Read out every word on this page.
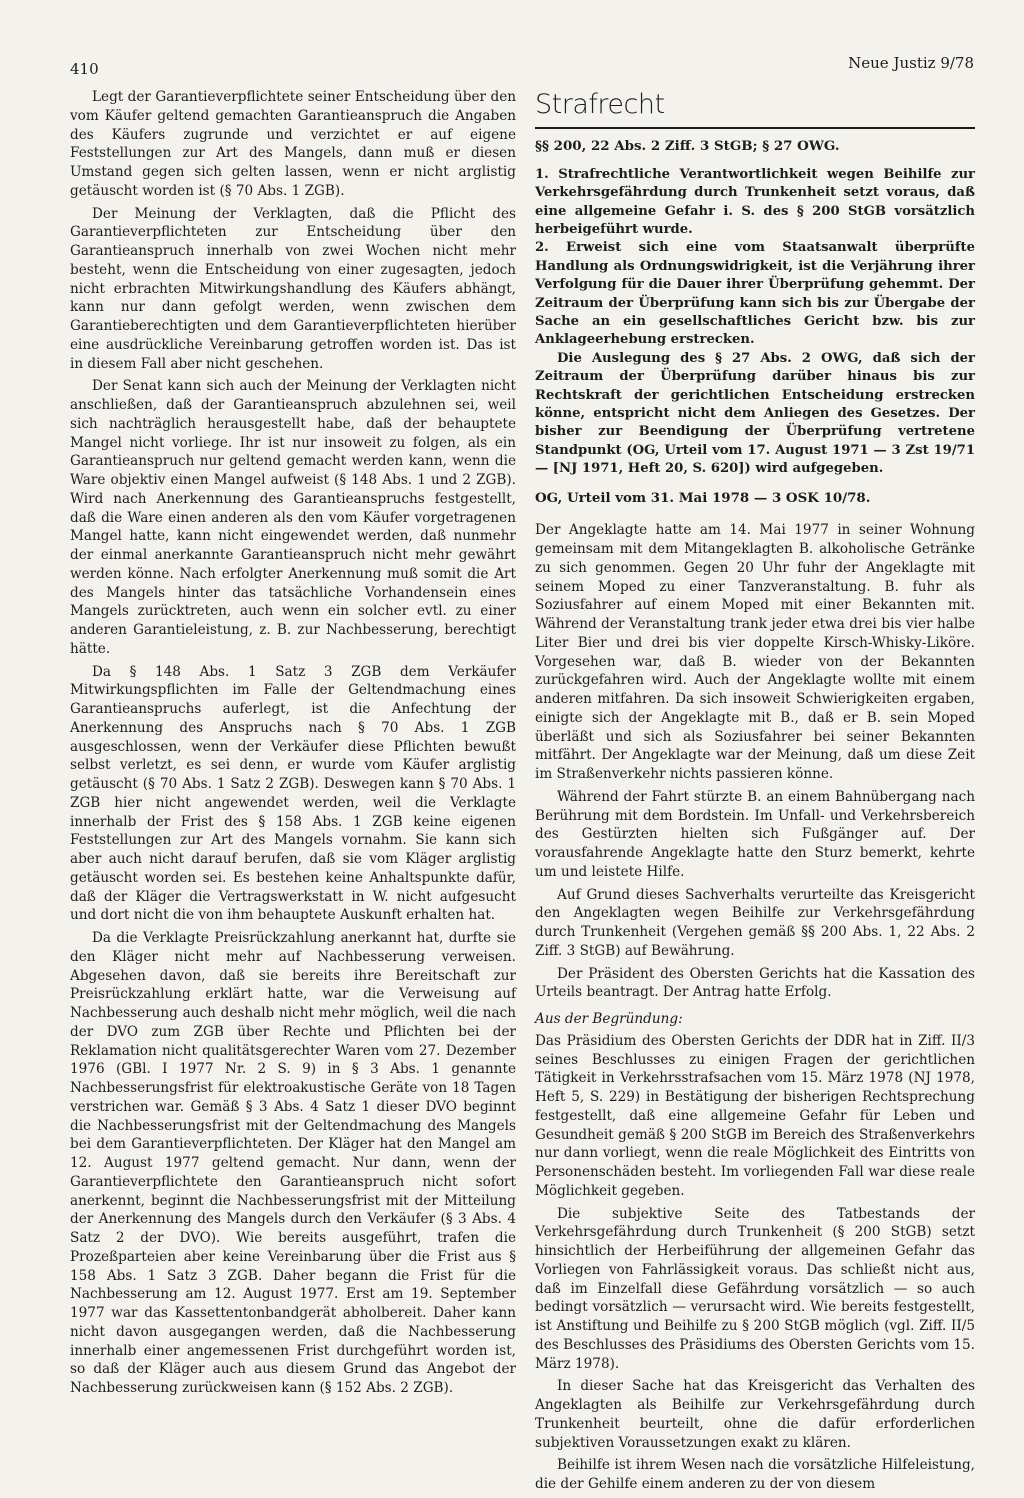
410	Neue Justiz 9/78

Legt der Garantieverpflichtete seiner Entscheidung über den vom Käufer geltend gemachten Garantieanspruch die Angaben des Käufers zugrunde und verzichtet er auf eigene Feststellungen zur Art des Mangels, dann muß er diesen Umstand gegen sich gelten lassen, wenn er nicht arglistig getäuscht worden ist (§ 70 Abs. 1 ZGB).

Der Meinung der Verklagten, daß die Pflicht des Garantieverpflichteten zur Entscheidung über den Garantieanspruch innerhalb von zwei Wochen nicht mehr besteht, wenn die Entscheidung von einer zugesagten, jedoch nicht erbrachten Mitwirkungshandlung des Käufers abhängt, kann nur dann gefolgt werden, wenn zwischen dem Garantieberechtigten und dem Garantieverpflichteten hierüber eine ausdrückliche Vereinbarung getroffen worden ist. Das ist in diesem Fall aber nicht geschehen.

Der Senat kann sich auch der Meinung der Verklagten nicht anschließen, daß der Garantieanspruch abzulehnen sei, weil sich nachträglich herausgestellt habe, daß der behauptete Mangel nicht vorliege. Ihr ist nur insoweit zu folgen, als ein Garantieanspruch nur geltend gemacht werden kann, wenn die Ware objektiv einen Mangel aufweist (§ 148 Abs. 1 und 2 ZGB). Wird nach Anerkennung des Garantieanspruchs festgestellt, daß die Ware einen anderen als den vom Käufer vorgetragenen Mangel hatte, kann nicht eingewendet werden, daß nunmehr der einmal anerkannte Garantieanspruch nicht mehr gewährt werden könne. Nach erfolgter Anerkennung muß somit die Art des Mangels hinter das tatsächliche Vorhandensein eines Mangels zurücktreten, auch wenn ein solcher evtl. zu einer anderen Garantieleistung, z. B. zur Nachbesserung, berechtigt hätte.

Da § 148 Abs. 1 Satz 3 ZGB dem Verkäufer Mitwirkungspflichten im Falle der Geltendmachung eines Garantieanspruchs auferlegt, ist die Anfechtung der Anerkennung des Anspruchs nach § 70 Abs. 1 ZGB ausgeschlossen, wenn der Verkäufer diese Pflichten bewußt selbst verletzt, es sei denn, er wurde vom Käufer arglistig getäuscht (§ 70 Abs. 1 Satz 2 ZGB). Deswegen kann § 70 Abs. 1 ZGB hier nicht angewendet werden, weil die Verklagte innerhalb der Frist des § 158 Abs. 1 ZGB keine eigenen Feststellungen zur Art des Mangels vornahm. Sie kann sich aber auch nicht darauf berufen, daß sie vom Kläger arglistig getäuscht worden sei. Es bestehen keine Anhaltspunkte dafür, daß der Kläger die Vertragswerkstatt in W. nicht aufgesucht und dort nicht die von ihm behauptete Auskunft erhalten hat.

Da die Verklagte Preisrückzahlung anerkannt hat, durfte sie den Kläger nicht mehr auf Nachbesserung verweisen. Abgesehen davon, daß sie bereits ihre Bereitschaft zur Preisrückzahlung erklärt hatte, war die Verweisung auf Nachbesserung auch deshalb nicht mehr möglich, weil die nach der DVO zum ZGB über Rechte und Pflichten bei der Reklamation nicht qualitätsgerechter Waren vom 27. Dezember 1976 (GBl. I 1977 Nr. 2 S. 9) in § 3 Abs. 1 genannte Nachbesserungsfrist für elektroakustische Geräte von 18 Tagen verstrichen war. Gemäß § 3 Abs. 4 Satz 1 dieser DVO beginnt die Nachbesserungsfrist mit der Geltendmachung des Mangels bei dem Garantieverpflichteten. Der Kläger hat den Mangel am 12. August 1977 geltend gemacht. Nur dann, wenn der Garantieverpflichtete den Garantieanspruch nicht sofort anerkennt, beginnt die Nachbesserungsfrist mit der Mitteilung der Anerkennung des Mangels durch den Verkäufer (§ 3 Abs. 4 Satz 2 der DVO). Wie bereits ausgeführt, trafen die Prozeßparteien aber keine Vereinbarung über die Frist aus § 158 Abs. 1 Satz 3 ZGB. Daher begann die Frist für die Nachbesserung am 12. August 1977. Erst am 19. September 1977 war das Kassettentonbandgerät abholbereit. Daher kann nicht davon ausgegangen werden, daß die Nachbesserung innerhalb einer angemessenen Frist durchgeführt worden ist, so daß der Kläger auch aus diesem Grund das Angebot der Nachbesserung zurückweisen kann (§ 152 Abs. 2 ZGB).

Strafrecht

§§ 200, 22 Abs. 2 Ziff. 3 StGB; § 27 OWG.

1. Strafrechtliche Verantwortlichkeit wegen Beihilfe zur Verkehrsgefährdung durch Trunkenheit setzt voraus, daß eine allgemeine Gefahr i. S. des § 200 StGB vorsätzlich herbeigeführt wurde.

2. Erweist sich eine vom Staatsanwalt überprüfte Handlung als Ordnungswidrigkeit, ist die Verjährung ihrer Verfolgung für die Dauer ihrer Überprüfung gehemmt. Der Zeitraum der Überprüfung kann sich bis zur Übergabe der Sache an ein gesellschaftliches Gericht bzw. bis zur Anklageerhebung erstrecken.

Die Auslegung des § 27 Abs. 2 OWG, daß sich der Zeitraum der Überprüfung darüber hinaus bis zur Rechtskraft der gerichtlichen Entscheidung erstrecken könne, entspricht nicht dem Anliegen des Gesetzes. Der bisher zur Beendigung der Überprüfung vertretene Standpunkt (OG, Urteil vom 17. August 1971 — 3 Zst 19/71 — [NJ 1971, Heft 20, S. 620]) wird aufgegeben.

OG, Urteil vom 31. Mai 1978 — 3 OSK 10/78.

Der Angeklagte hatte am 14. Mai 1977 in seiner Wohnung gemeinsam mit dem Mitangeklagten B. alkoholische Getränke zu sich genommen. Gegen 20 Uhr fuhr der Angeklagte mit seinem Moped zu einer Tanzveranstaltung. B. fuhr als Soziusfahrer auf einem Moped mit einer Bekannten mit. Während der Veranstaltung trank jeder etwa drei bis vier halbe Liter Bier und drei bis vier doppelte Kirsch-Whisky-Liköre. Vorgesehen war, daß B. wieder von der Bekannten zurückgefahren wird. Auch der Angeklagte wollte mit einem anderen mitfahren. Da sich insoweit Schwierigkeiten ergaben, einigte sich der Angeklagte mit B., daß er B. sein Moped überläßt und sich als Soziusfahrer bei seiner Bekannten mitfährt. Der Angeklagte war der Meinung, daß um diese Zeit im Straßenverkehr nichts passieren könne.

Während der Fahrt stürzte B. an einem Bahnübergang nach Berührung mit dem Bordstein. Im Unfall- und Verkehrsbereich des Gestürzten hielten sich Fußgänger auf. Der vorausfahrende Angeklagte hatte den Sturz bemerkt, kehrte um und leistete Hilfe.

Auf Grund dieses Sachverhalts verurteilte das Kreisgericht den Angeklagten wegen Beihilfe zur Verkehrsgefährdung durch Trunkenheit (Vergehen gemäß §§ 200 Abs. 1, 22 Abs. 2 Ziff. 3 StGB) auf Bewährung.

Der Präsident des Obersten Gerichts hat die Kassation des Urteils beantragt. Der Antrag hatte Erfolg.

Aus der Begründung:

Das Präsidium des Obersten Gerichts der DDR hat in Ziff. II/3 seines Beschlusses zu einigen Fragen der gerichtlichen Tätigkeit in Verkehrsstrafsachen vom 15. März 1978 (NJ 1978, Heft 5, S. 229) in Bestätigung der bisherigen Rechtsprechung festgestellt, daß eine allgemeine Gefahr für Leben und Gesundheit gemäß § 200 StGB im Bereich des Straßenverkehrs nur dann vorliegt, wenn die reale Möglichkeit des Eintritts von Personenschäden besteht. Im vorliegenden Fall war diese reale Möglichkeit gegeben.

Die subjektive Seite des Tatbestands der Verkehrsgefährdung durch Trunkenheit (§ 200 StGB) setzt hinsichtlich der Herbeiführung der allgemeinen Gefahr das Vorliegen von Fahrlässigkeit voraus. Das schließt nicht aus, daß im Einzelfall diese Gefährdung vorsätzlich — so auch bedingt vorsätzlich — verursacht wird. Wie bereits festgestellt, ist Anstiftung und Beihilfe zu § 200 StGB möglich (vgl. Ziff. II/5 des Beschlusses des Präsidiums des Obersten Gerichts vom 15. März 1978).

In dieser Sache hat das Kreisgericht das Verhalten des Angeklagten als Beihilfe zur Verkehrsgefährdung durch Trunkenheit beurteilt, ohne die dafür erforderlichen subjektiven Voraussetzungen exakt zu klären.

Beihilfe ist ihrem Wesen nach die vorsätzliche Hilfeleistung, die der Gehilfe einem anderen zu der von diesem
